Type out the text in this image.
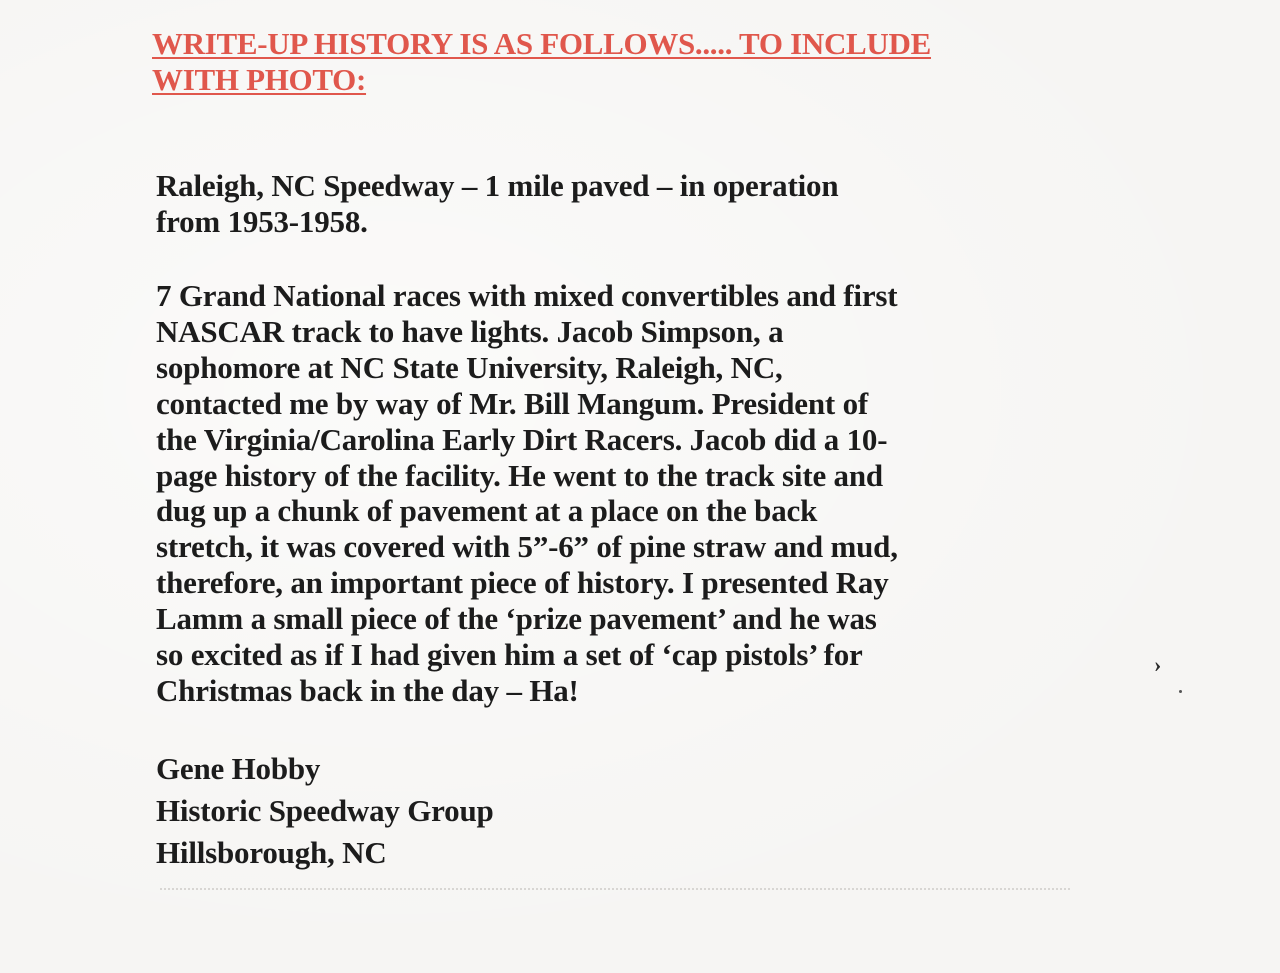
WRITE-UP HISTORY IS AS FOLLOWS..... TO INCLUDE
WITH PHOTO:
Raleigh, NC Speedway – 1 mile paved – in operation
from 1953-1958.
7 Grand National races with mixed convertibles and first
NASCAR track to have lights. Jacob Simpson, a
sophomore at NC State University, Raleigh, NC,
contacted me by way of Mr. Bill Mangum. President of
the Virginia/Carolina Early Dirt Racers. Jacob did a 10-
page history of the facility. He went to the track site and
dug up a chunk of pavement at a place on the back
stretch, it was covered with 5”-6” of pine straw and mud,
therefore, an important piece of history. I presented Ray
Lamm a small piece of the ‘prize pavement’ and he was
so excited as if I had given him a set of ‘cap pistols’ for
Christmas back in the day – Ha!
Gene Hobby
Historic Speedway Group
Hillsborough, NC
›
